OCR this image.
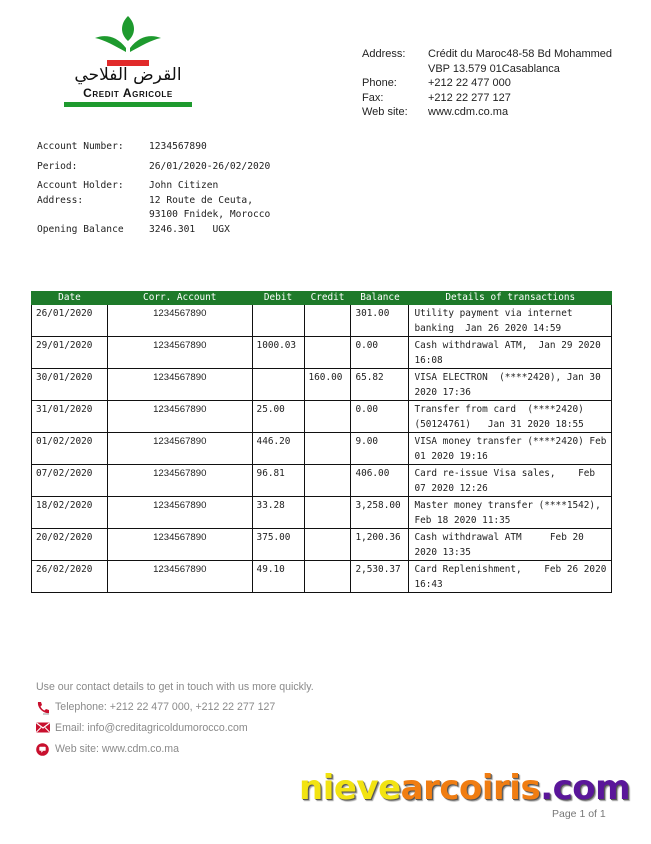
القرض الفلاحي
Credit Agricole
Address:	Crédit du Maroc48-58 Bd Mohammed
VBP 13.579 01Casablanca
Phone:	+212 22 477 000
Fax:	+212 22 277 127
Web site:	www.cdm.co.ma
Account Number:	1234567890
Period:	26/01/2020-26/02/2020
Account Holder:	John Citizen
Address:	12 Route de Ceuta,
93100 Fnidek, Morocco
Opening Balance	3246.301   UGX
Date	Corr. Account	Debit	Credit	Balance	Details of transactions
26/01/2020	1234567890			301.00	Utility payment via internet banking  Jan 26 2020 14:59
29/01/2020	1234567890	1000.03		0.00	Cash withdrawal ATM,  Jan 29 2020 16:08
30/01/2020	1234567890		160.00	65.82	VISA ELECTRON  (****2420), Jan 30 2020 17:36
31/01/2020	1234567890	25.00		0.00	Transfer from card  (****2420) (50124761)   Jan 31 2020 18:55
01/02/2020	1234567890	446.20		9.00	VISA money transfer (****2420) Feb 01 2020 19:16
07/02/2020	1234567890	96.81		406.00	Card re-issue Visa sales,    Feb 07 2020 12:26
18/02/2020	1234567890	33.28		3,258.00	Master money transfer (****1542),    Feb 18 2020 11:35
20/02/2020	1234567890	375.00		1,200.36	Cash withdrawal ATM     Feb 20 2020 13:35
26/02/2020	1234567890	49.10		2,530.37	Card Replenishment,    Feb 26 2020 16:43
Use our contact details to get in touch with us more quickly.
Telephone: +212 22 477 000, +212 22 277 127
Email: info@creditagricoldumorocco.com
Web site: www.cdm.co.ma
nievearcoiris.com
Page 1 of 1
